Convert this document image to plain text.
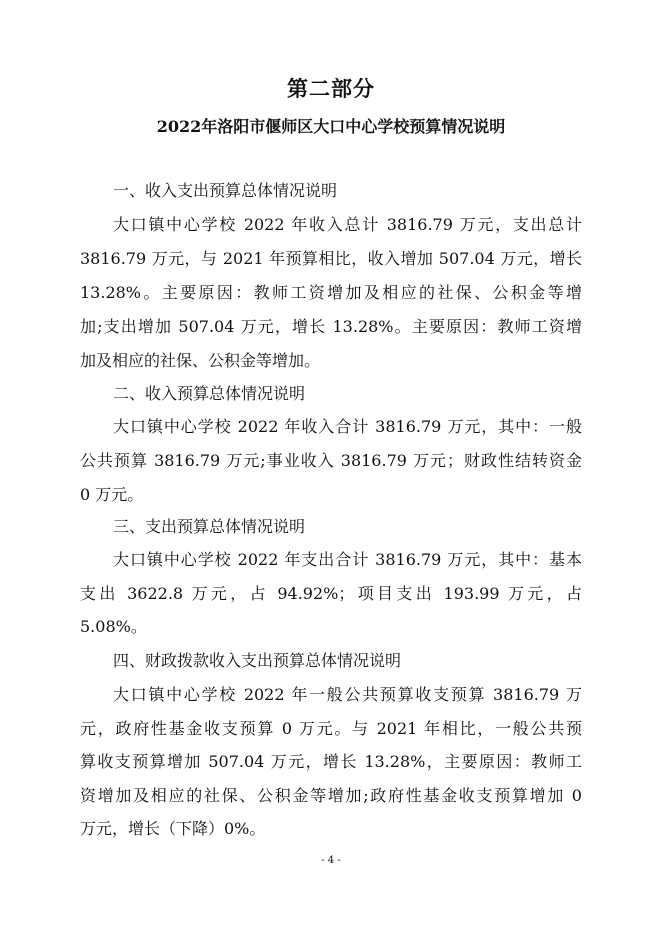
第二部分
2022年洛阳市偃师区大口中心学校预算情况说明
一、收入支出预算总体情况说明
大口镇中心学校 2022 年收入总计 3816.79 万元，支出总计
3816.79 万元，与 2021 年预算相比，收入增加 507.04 万元，增长
13.28%。主要原因：教师工资增加及相应的社保、公积金等增
加;支出增加 507.04 万元，增长 13.28%。主要原因：教师工资增
加及相应的社保、公积金等增加。
二、收入预算总体情况说明
大口镇中心学校 2022 年收入合计 3816.79 万元，其中：一般
公共预算 3816.79 万元;事业收入 3816.79 万元；财政性结转资金
0 万元。
三、支出预算总体情况说明
大口镇中心学校 2022 年支出合计 3816.79 万元，其中：基本
支出 3622.8 万元，占 94.92%；项目支出 193.99 万元，占
5.08%。
四、财政拨款收入支出预算总体情况说明
大口镇中心学校 2022 年一般公共预算收支预算 3816.79 万
元，政府性基金收支预算 0 万元。与 2021 年相比，一般公共预
算收支预算增加 507.04 万元，增长 13.28%，主要原因：教师工
资增加及相应的社保、公积金等增加;政府性基金收支预算增加 0
万元，增长（下降）0%。
- 4 -
